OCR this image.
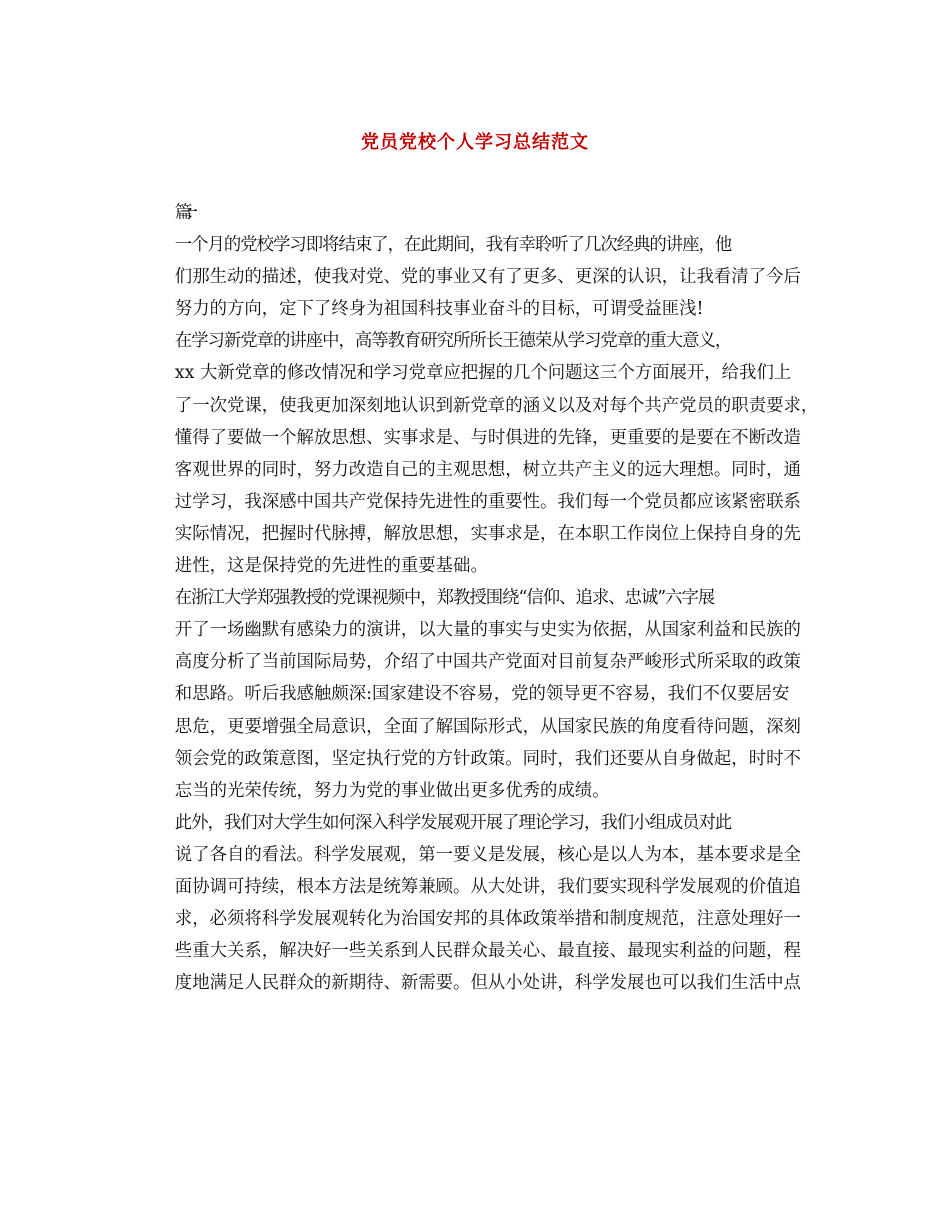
党员党校个人学习总结范文

篇一：

一个月的党校学习即将结束了，在此期间，我有幸聆听了几次经典的讲座，他
们那生动的描述，使我对党、党的事业又有了更多、更深的认识，让我看清了今后
努力的方向，定下了终身为祖国科技事业奋斗的目标，可谓受益匪浅!

在学习新党章的讲座中，高等教育研究所所长王德荣从学习党章的重大意义，
xx 大新党章的修改情况和学习党章应把握的几个问题这三个方面展开，给我们上
了一次党课，使我更加深刻地认识到新党章的涵义以及对每个共产党员的职责要求，
懂得了要做一个解放思想、实事求是、与时俱进的先锋，更重要的是要在不断改造
客观世界的同时，努力改造自己的主观思想，树立共产主义的远大理想。同时，通
过学习，我深感中国共产党保持先进性的重要性。我们每一个党员都应该紧密联系
实际情况，把握时代脉搏，解放思想，实事求是，在本职工作岗位上保持自身的先
进性，这是保持党的先进性的重要基础。

在浙江大学郑强教授的党课视频中，郑教授围绕“信仰、追求、忠诚”六字展
开了一场幽默有感染力的演讲，以大量的事实与史实为依据，从国家利益和民族的
高度分析了当前国际局势，介绍了中国共产党面对目前复杂严峻形式所采取的政策
和思路。听后我感触颇深:国家建设不容易，党的领导更不容易，我们不仅要居安
思危，更要增强全局意识，全面了解国际形式，从国家民族的角度看待问题，深刻
领会党的政策意图，坚定执行党的方针政策。同时，我们还要从自身做起，时时不
忘当的光荣传统，努力为党的事业做出更多优秀的成绩。

此外，我们对大学生如何深入科学发展观开展了理论学习，我们小组成员对此
说了各自的看法。科学发展观，第一要义是发展，核心是以人为本，基本要求是全
面协调可持续，根本方法是统筹兼顾。从大处讲，我们要实现科学发展观的价值追
求，必须将科学发展观转化为治国安邦的具体政策举措和制度规范，注意处理好一
些重大关系，解决好一些关系到人民群众最关心、最直接、最现实利益的问题，程
度地满足人民群众的新期待、新需要。但从小处讲，科学发展也可以我们生活中点
